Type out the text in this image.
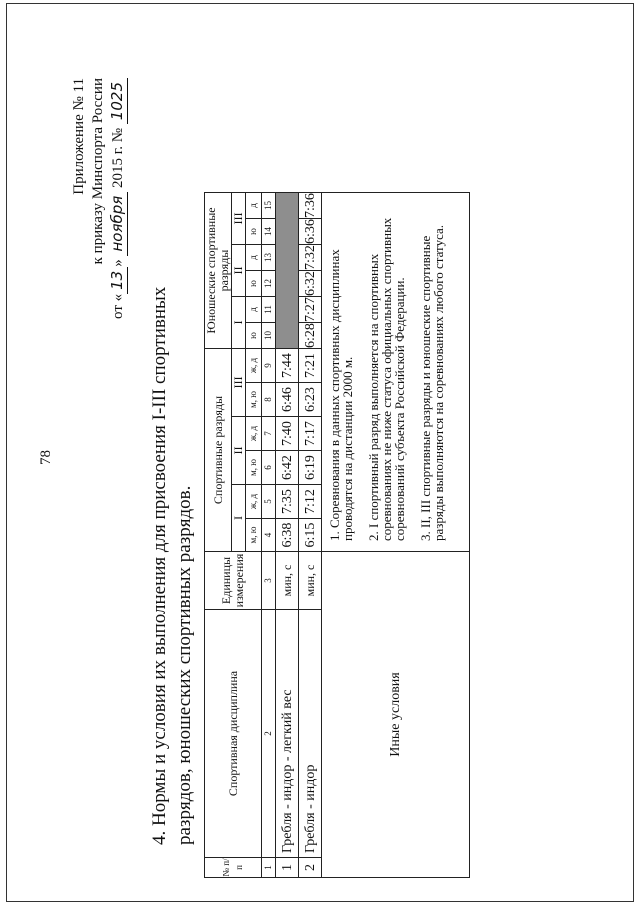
78
Приложение № 11 к приказу Минспорта России
от «13» ноября 2015 г. № 1025
4. Нормы и условия их выполнения для присвоения I-III спортивных разрядов, юношеских спортивных разрядов.
№ п/п	Спортивная дисциплина	Единицы измерения	Спортивные разряды						Юношеские спортивные разряды					
			I		II		III		I		II		III	
			м, ю	ж, д	м, ю	ж, д	м, ю	ж, д	ю	д	ю	д	ю	д
1	2	3	4	5	6	7	8	9	10	11	12	13	14	15
1	Гребля - индор - легкий вес	мин, с	6:38	7:35	6:42	7:40	6:46	7:44						
2	Гребля - индор	мин, с	6:15	7:12	6:19	7:17	6:23	7:21	6:28	7:27	6:32	7:32	6:36	7:36
Иные условия			1. Соревнования в данных спортивных дисциплинах проводятся на дистанции 2000 м. 2. I спортивный разряд выполняется на спортивных соревнованиях не ниже статуса официальных спортивных соревнований субъекта Российской Федерации. 3. II, III спортивные разряды и юношеские спортивные разряды выполняются на соревнованиях любого статуса.											
